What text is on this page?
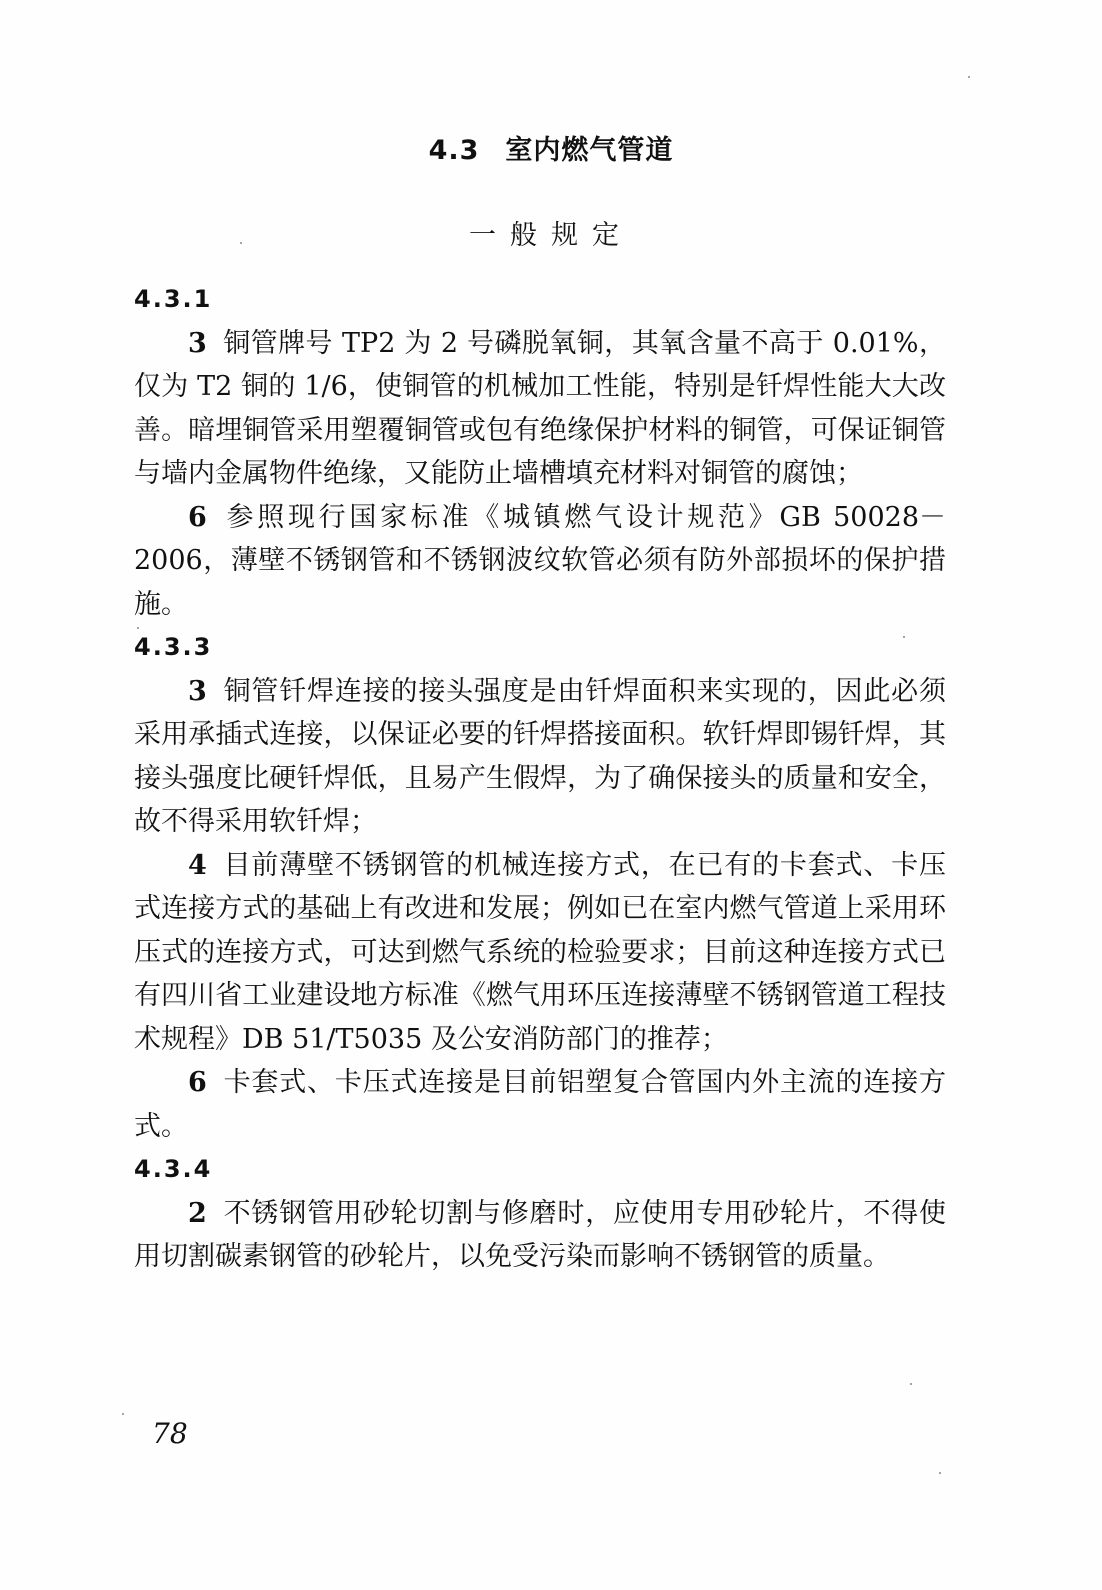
4.3 室内燃气管道
一般规定
4.3.1

3 铜管牌号 TP2 为 2 号磷脱氧铜，其氧含量不高于 0.01%，仅为 T2 铜的 1/6，使铜管的机械加工性能，特别是钎焊性能大大改善。暗埋铜管采用塑覆铜管或包有绝缘保护材料的铜管，可保证铜管与墙内金属物件绝缘，又能防止墙槽填充材料对铜管的腐蚀；

6 参照现行国家标准《城镇燃气设计规范》GB 50028－2006，薄壁不锈钢管和不锈钢波纹软管必须有防外部损坏的保护措施。

4.3.3

3 铜管钎焊连接的接头强度是由钎焊面积来实现的，因此必须采用承插式连接，以保证必要的钎焊搭接面积。软钎焊即锡钎焊，其接头强度比硬钎焊低，且易产生假焊，为了确保接头的质量和安全，故不得采用软钎焊；

4 目前薄壁不锈钢管的机械连接方式，在已有的卡套式、卡压式连接方式的基础上有改进和发展；例如已在室内燃气管道上采用环压式的连接方式，可达到燃气系统的检验要求；目前这种连接方式已有四川省工业建设地方标准《燃气用环压连接薄壁不锈钢管道工程技术规程》DB 51/T5035 及公安消防部门的推荐；

6 卡套式、卡压式连接是目前铝塑复合管国内外主流的连接方式。

4.3.4

2 不锈钢管用砂轮切割与修磨时，应使用专用砂轮片，不得使用切割碳素钢管的砂轮片，以免受污染而影响不锈钢管的质量。

78
